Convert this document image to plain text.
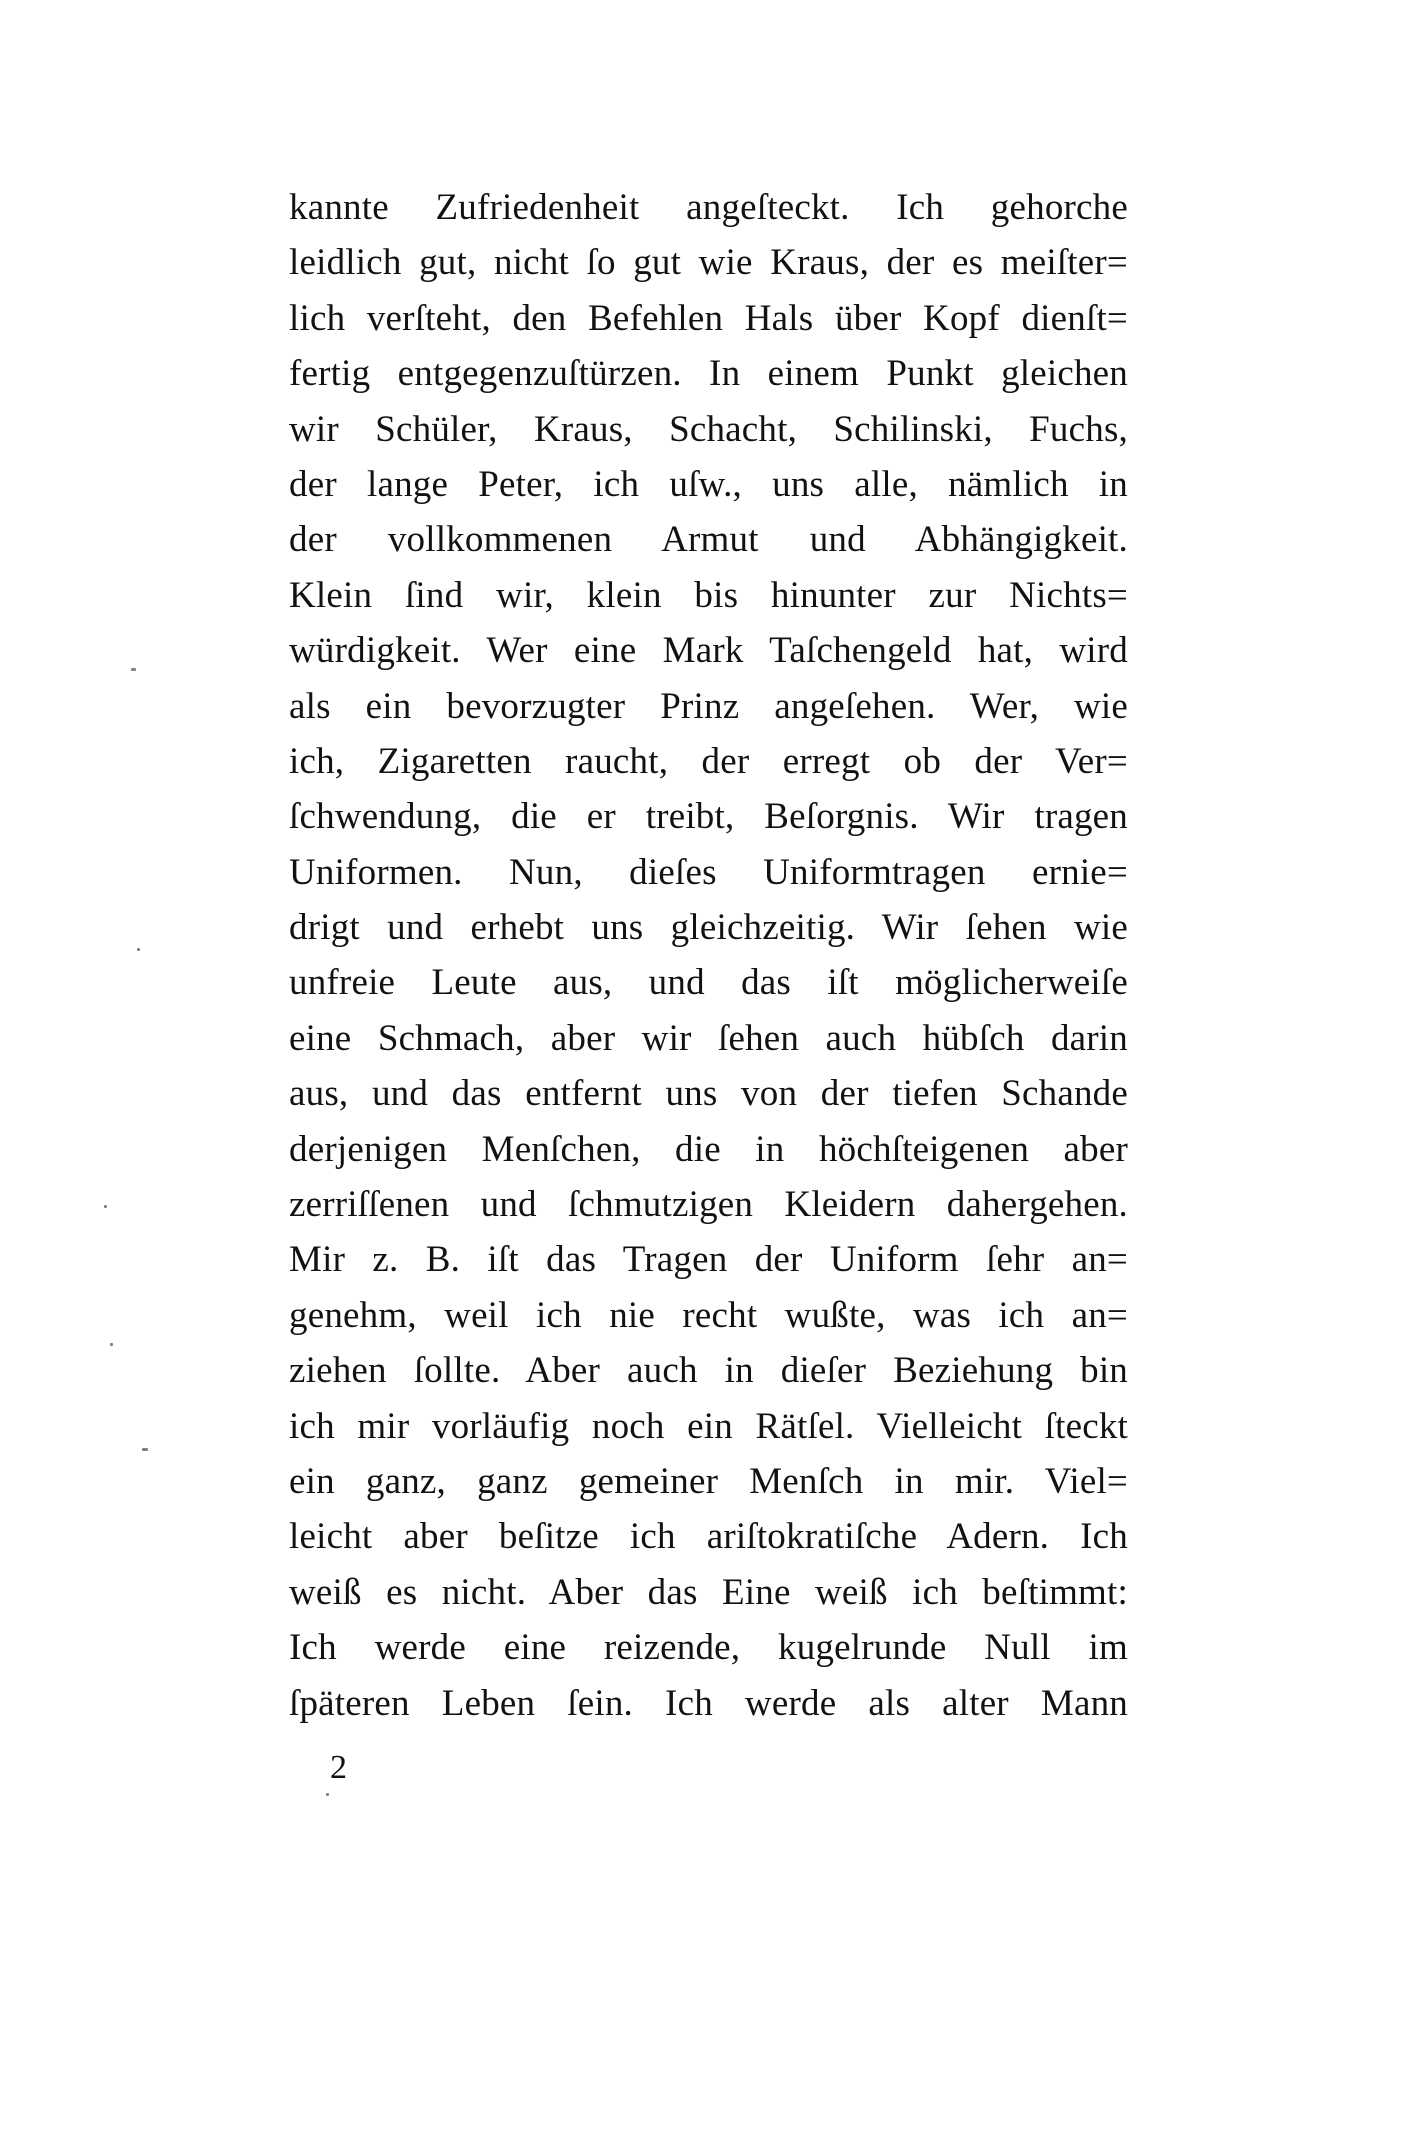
kannte Zufriedenheit angeſteckt. Ich gehorche
leidlich gut, nicht ſo gut wie Kraus, der es meiſter=
lich verſteht, den Befehlen Hals über Kopf dienſt=
fertig entgegenzuſtürzen. In einem Punkt gleichen
wir Schüler, Kraus, Schacht, Schilinski, Fuchs,
der lange Peter, ich uſw., uns alle, nämlich in
der vollkommenen Armut und Abhängigkeit.
Klein ſind wir, klein bis hinunter zur Nichts=
würdigkeit. Wer eine Mark Taſchengeld hat, wird
als ein bevorzugter Prinz angeſehen. Wer, wie
ich, Zigaretten raucht, der erregt ob der Ver=
ſchwendung, die er treibt, Beſorgnis. Wir tragen
Uniformen. Nun, dieſes Uniformtragen ernie=
drigt und erhebt uns gleichzeitig. Wir ſehen wie
unfreie Leute aus, und das iſt möglicherweiſe
eine Schmach, aber wir ſehen auch hübſch darin
aus, und das entfernt uns von der tiefen Schande
derjenigen Menſchen, die in höchſteigenen aber
zerriſſenen und ſchmutzigen Kleidern dahergehen.
Mir z. B. iſt das Tragen der Uniform ſehr an=
genehm, weil ich nie recht wußte, was ich an=
ziehen ſollte. Aber auch in dieſer Beziehung bin
ich mir vorläufig noch ein Rätſel. Vielleicht ſteckt
ein ganz, ganz gemeiner Menſch in mir. Viel=
leicht aber beſitze ich ariſtokratiſche Adern. Ich
weiß es nicht. Aber das Eine weiß ich beſtimmt:
Ich werde eine reizende, kugelrunde Null im
ſpäteren Leben ſein. Ich werde als alter Mann
2
